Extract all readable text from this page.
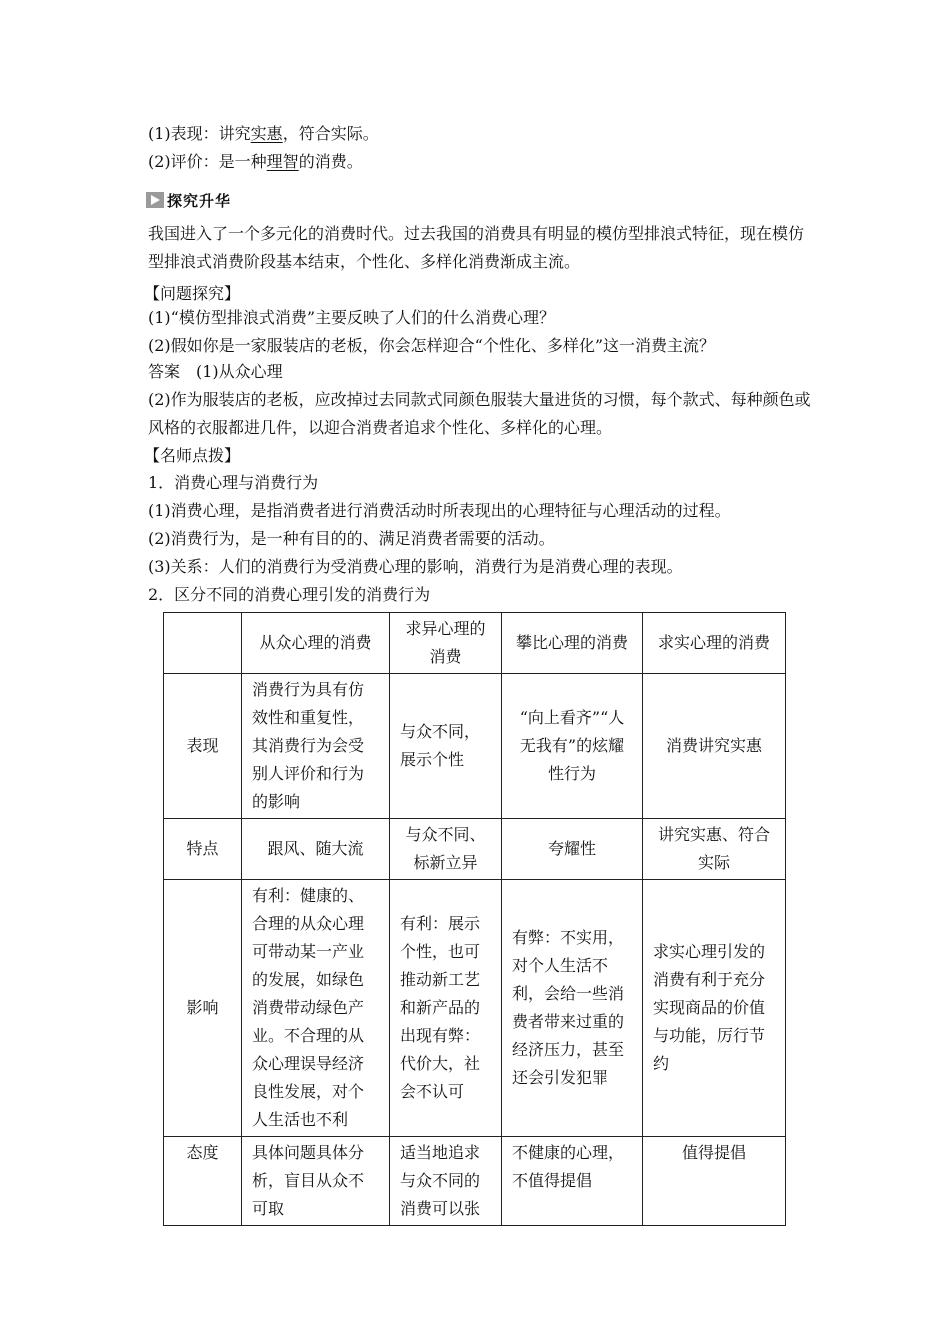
(1)表现：讲究实惠，符合实际。
(2)评价：是一种理智的消费。
探究升华
我国进入了一个多元化的消费时代。过去我国的消费具有明显的模仿型排浪式特征，现在模仿型排浪式消费阶段基本结束，个性化、多样化消费渐成主流。
【问题探究】
(1)“模仿型排浪式消费”主要反映了人们的什么消费心理？
(2)假如你是一家服装店的老板，你会怎样迎合“个性化、多样化”这一消费主流？
答案　(1)从众心理
(2)作为服装店的老板，应改掉过去同款式同颜色服装大量进货的习惯，每个款式、每种颜色或风格的衣服都进几件，以迎合消费者追求个性化、多样化的心理。
【名师点拨】
1．消费心理与消费行为
(1)消费心理，是指消费者进行消费活动时所表现出的心理特征与心理活动的过程。
(2)消费行为，是一种有目的的、满足消费者需要的活动。
(3)关系：人们的消费行为受消费心理的影响，消费行为是消费心理的表现。
2．区分不同的消费心理引发的消费行为
	从众心理的消费	求异心理的消费	攀比心理的消费	求实心理的消费
表现	消费行为具有仿效性和重复性，其消费行为会受别人评价和行为的影响	与众不同，展示个性	“向上看齐”“人无我有”的炫耀性行为	消费讲究实惠
特点	跟风、随大流	与众不同、标新立异	夸耀性	讲究实惠、符合实际
影响	有利：健康的、合理的从众心理可带动某一产业的发展，如绿色消费带动绿色产业。不合理的从众心理误导经济良性发展，对个人生活也不利	有利：展示个性，也可推动新工艺和新产品的出现有弊：代价大，社会不认可	有弊：不实用，对个人生活不利，会给一些消费者带来过重的经济压力，甚至还会引发犯罪	求实心理引发的消费有利于充分实现商品的价值与功能，厉行节约
态度	具体问题具体分析，盲目从众不可取	适当地追求与众不同的消费可以张	不健康的心理，不值得提倡	值得提倡
